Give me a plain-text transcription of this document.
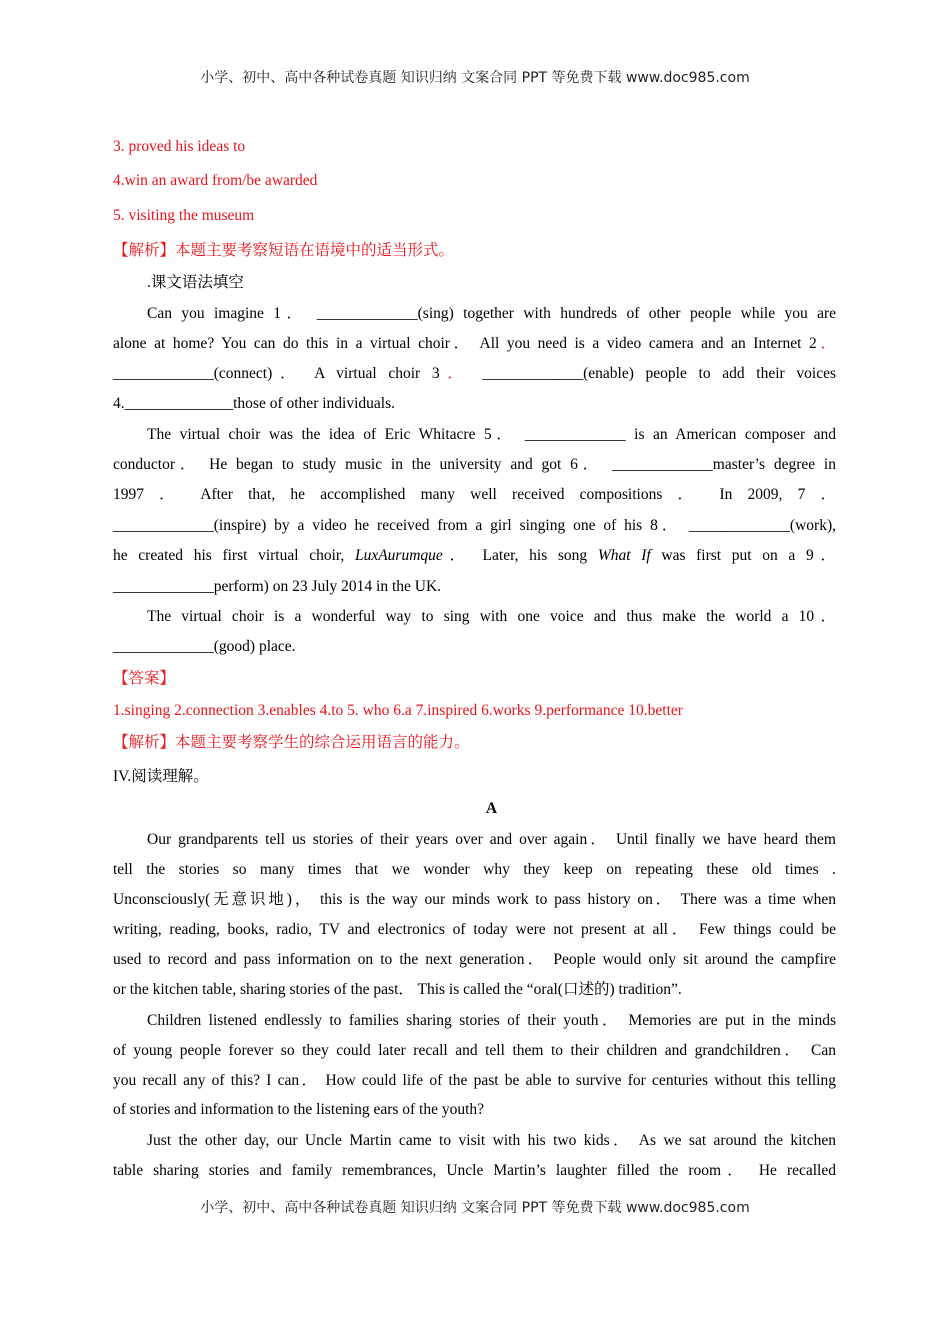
小学、初中、高中各种试卷真题 知识归纳 文案合同 PPT 等免费下载 www.doc985.com
3. proved his ideas to
4.win an award from/be awarded
5. visiting the museum
【解析】本题主要考察短语在语境中的适当形式。
.课文语法填空
Can you imagine 1． _____________(sing) together with hundreds of other people while you are
alone at home? You can do this in a virtual choir． All you need is a video camera and an Internet 2．
_____________(connect)． A virtual choir 3． _____________(enable) people to add their voices
4.______________those of other individuals.
The virtual choir was the idea of Eric Whitacre 5． _____________ is an American composer and
conductor． He began to study music in the university and got 6． _____________master’s degree in
1997 ． After that, he accomplished many well received compositions ． In 2009, 7 ．
_____________(inspire) by a video he received from a girl singing one of his 8． _____________(work),
he created his first virtual choir, LuxAurumque． Later, his song What If was first put on a 9．
_____________perform) on 23 July 2014 in the UK.
The virtual choir is a wonderful way to sing with one voice and thus make the world a 10．
_____________(good) place.
【答案】
1.singing 2.connection 3.enables 4.to 5. who 6.a 7.inspired 6.works 9.performance 10.better
【解析】本题主要考察学生的综合运用语言的能力。
IV.阅读理解。
A
Our grandparents tell us stories of their years over and over again． Until finally we have heard them
tell the stories so many times that we wonder why they keep on repeating these old times .
Unconsciously(无意识地)， this is the way our minds work to pass history on． There was a time when
writing, reading, books, radio, TV and electronics of today were not present at all． Few things could be
used to record and pass information on to the next generation． People would only sit around the campfire
or the kitchen table, sharing stories of the past． This is called the “oral(口述的) tradition”.
Children listened endlessly to families sharing stories of their youth． Memories are put in the minds
of young people forever so they could later recall and tell them to their children and grandchildren． Can
you recall any of this? I can． How could life of the past be able to survive for centuries without this telling
of stories and information to the listening ears of the youth?
Just the other day, our Uncle Martin came to visit with his two kids． As we sat around the kitchen
table sharing stories and family remembrances, Uncle Martin’s laughter filled the room． He recalled
小学、初中、高中各种试卷真题 知识归纳 文案合同 PPT 等免费下载 www.doc985.com
